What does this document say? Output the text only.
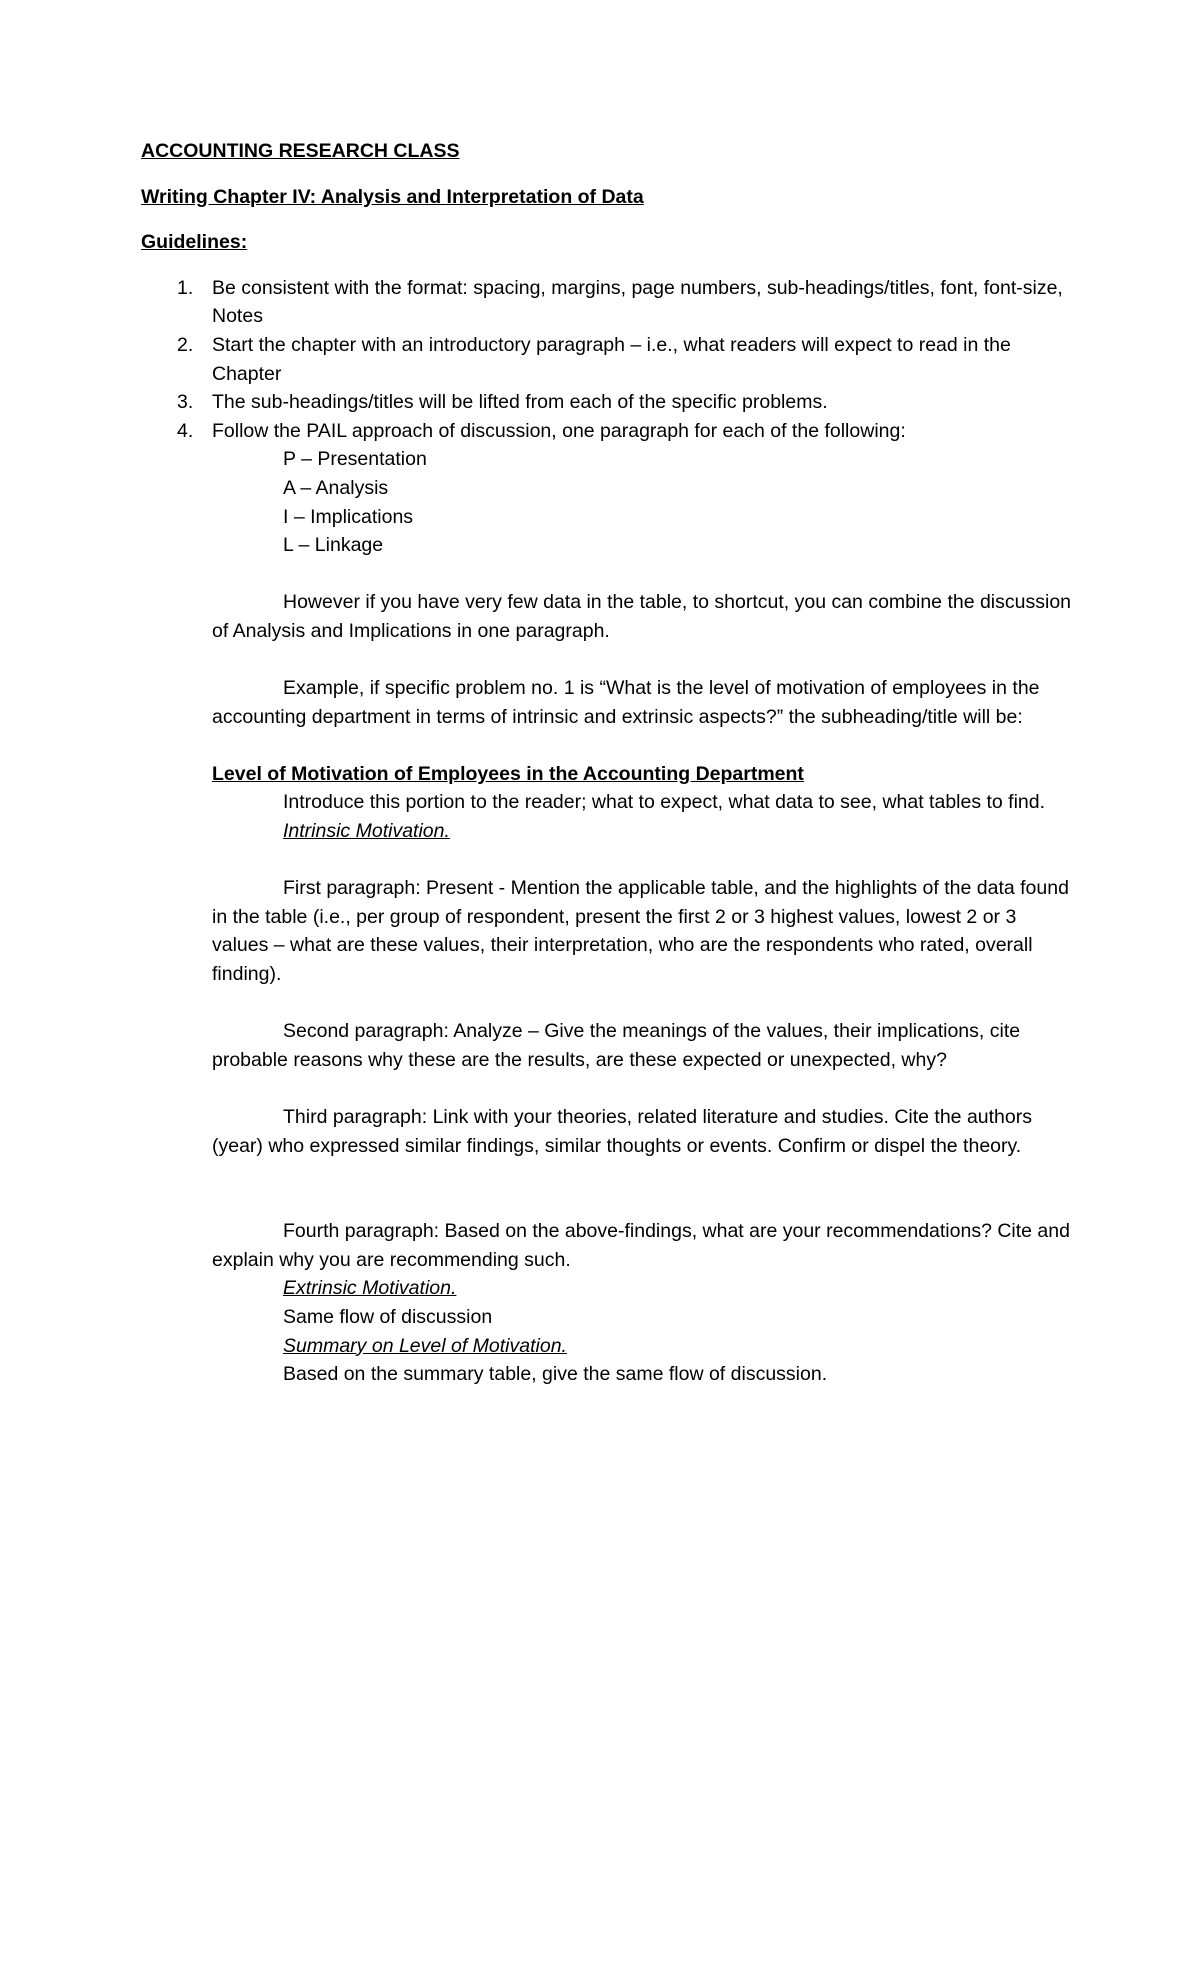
ACCOUNTING RESEARCH CLASS

Writing Chapter IV: Analysis and Interpretation of Data

Guidelines:

1. Be consistent with the format: spacing, margins, page numbers, sub-headings/titles, font, font-size, Notes
2. Start the chapter with an introductory paragraph – i.e., what readers will expect to read in the Chapter
3. The sub-headings/titles will be lifted from each of the specific problems.
4. Follow the PAIL approach of discussion, one paragraph for each of the following:

P – Presentation

A – Analysis

I – Implications

L – Linkage

However if you have very few data in the table, to shortcut, you can combine the discussion of Analysis and Implications in one paragraph.

Example, if specific problem no. 1 is “What is the level of motivation of employees in the accounting department in terms of intrinsic and extrinsic aspects?” the subheading/title will be:

Level of Motivation of Employees in the Accounting Department

Introduce this portion to the reader; what to expect, what data to see, what tables to find.

Intrinsic Motivation.

First paragraph: Present - Mention the applicable table, and the highlights of the data found in the table (i.e., per group of respondent, present the first 2 or 3 highest values, lowest 2 or 3 values – what are these values, their interpretation, who are the respondents who rated, overall finding).

Second paragraph: Analyze – Give the meanings of the values, their implications, cite probable reasons why these are the results, are these expected or unexpected, why?

Third paragraph: Link with your theories, related literature and studies. Cite the authors (year) who expressed similar findings, similar thoughts or events. Confirm or dispel the theory.

Fourth paragraph: Based on the above-findings, what are your recommendations? Cite and explain why you are recommending such.

Extrinsic Motivation.

Same flow of discussion

Summary on Level of Motivation.

Based on the summary table, give the same flow of discussion.
